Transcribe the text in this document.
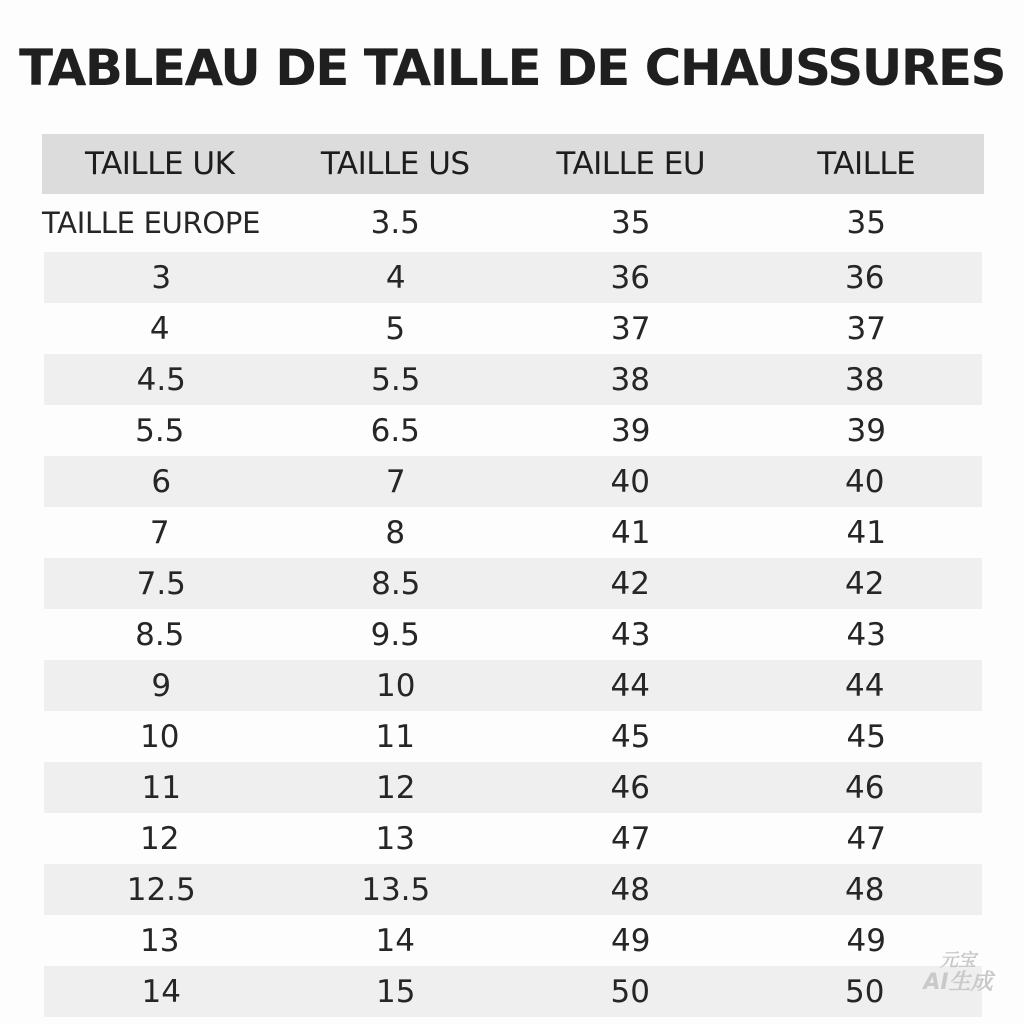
TABLEAU DE TAILLE DE CHAUSSURES
TAILLE UK	TAILLE US	TAILLE EU	TAILLE
TAILLE EUROPE	3.5	35	35
3	4	36	36
4	5	37	37
4.5	5.5	38	38
5.5	6.5	39	39
6	7	40	40
7	8	41	41
7.5	8.5	42	42
8.5	9.5	43	43
9	10	44	44
10	11	45	45
11	12	46	46
12	13	47	47
12.5	13.5	48	48
13	14	49	49
14	15	50	50
元宝
AI生成
